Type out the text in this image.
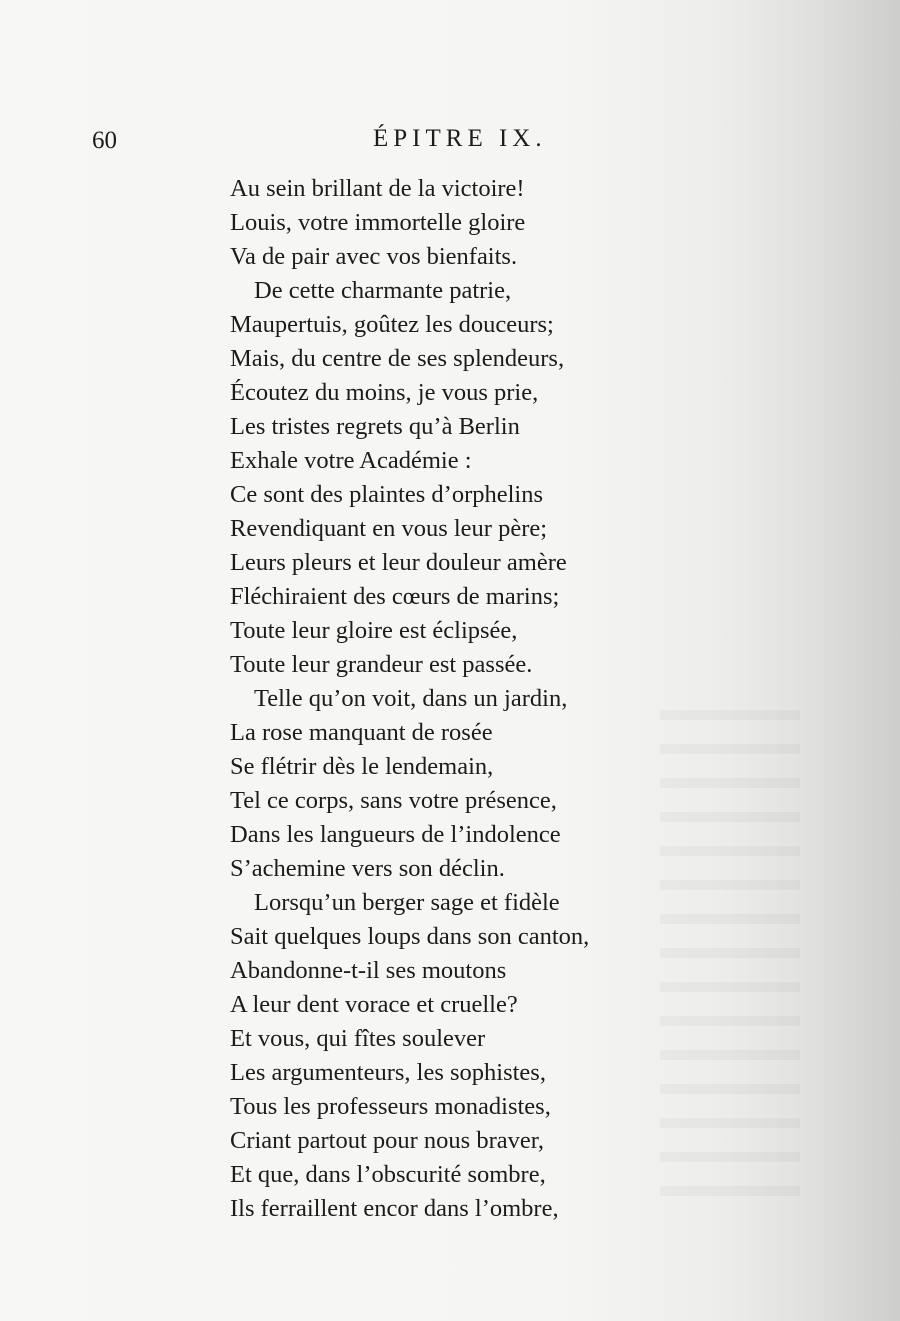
60	ÉPITRE IX.
Au sein brillant de la victoire!
Louis, votre immortelle gloire
Va de pair avec vos bienfaits.
De cette charmante patrie,
Maupertuis, goûtez les douceurs;
Mais, du centre de ses splendeurs,
Écoutez du moins, je vous prie,
Les tristes regrets qu’à Berlin
Exhale votre Académie :
Ce sont des plaintes d’orphelins
Revendiquant en vous leur père;
Leurs pleurs et leur douleur amère
Fléchiraient des cœurs de marins;
Toute leur gloire est éclipsée,
Toute leur grandeur est passée.
Telle qu’on voit, dans un jardin,
La rose manquant de rosée
Se flétrir dès le lendemain,
Tel ce corps, sans votre présence,
Dans les langueurs de l’indolence
S’achemine vers son déclin.
Lorsqu’un berger sage et fidèle
Sait quelques loups dans son canton,
Abandonne-t-il ses moutons
A leur dent vorace et cruelle?
Et vous, qui fîtes soulever
Les argumenteurs, les sophistes,
Tous les professeurs monadistes,
Criant partout pour nous braver,
Et que, dans l’obscurité sombre,
Ils ferraillent encor dans l’ombre,
